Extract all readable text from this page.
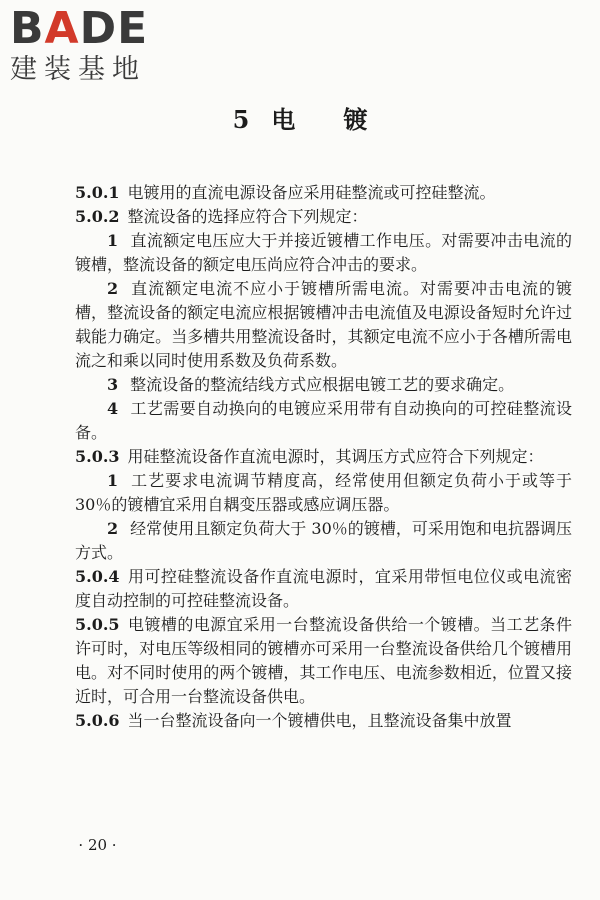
BADE
建装基地
5 电 镀

5.0.1 电镀用的直流电源设备应采用硅整流或可控硅整流。

5.0.2 整流设备的选择应符合下列规定：

1 直流额定电压应大于并接近镀槽工作电压。对需要冲击电流的镀槽，整流设备的额定电压尚应符合冲击的要求。

2 直流额定电流不应小于镀槽所需电流。对需要冲击电流的镀槽，整流设备的额定电流应根据镀槽冲击电流值及电源设备短时允许过载能力确定。当多槽共用整流设备时，其额定电流不应小于各槽所需电流之和乘以同时使用系数及负荷系数。

3 整流设备的整流结线方式应根据电镀工艺的要求确定。

4 工艺需要自动换向的电镀应采用带有自动换向的可控硅整流设备。

5.0.3 用硅整流设备作直流电源时，其调压方式应符合下列规定：

1 工艺要求电流调节精度高，经常使用但额定负荷小于或等于 30％的镀槽宜采用自耦变压器或感应调压器。

2 经常使用且额定负荷大于 30％的镀槽，可采用饱和电抗器调压方式。

5.0.4 用可控硅整流设备作直流电源时，宜采用带恒电位仪或电流密度自动控制的可控硅整流设备。

5.0.5 电镀槽的电源宜采用一台整流设备供给一个镀槽。当工艺条件许可时，对电压等级相同的镀槽亦可采用一台整流设备供给几个镀槽用电。对不同时使用的两个镀槽，其工作电压、电流参数相近，位置又接近时，可合用一台整流设备供电。

5.0.6 当一台整流设备向一个镀槽供电，且整流设备集中放置

· 20 ·
